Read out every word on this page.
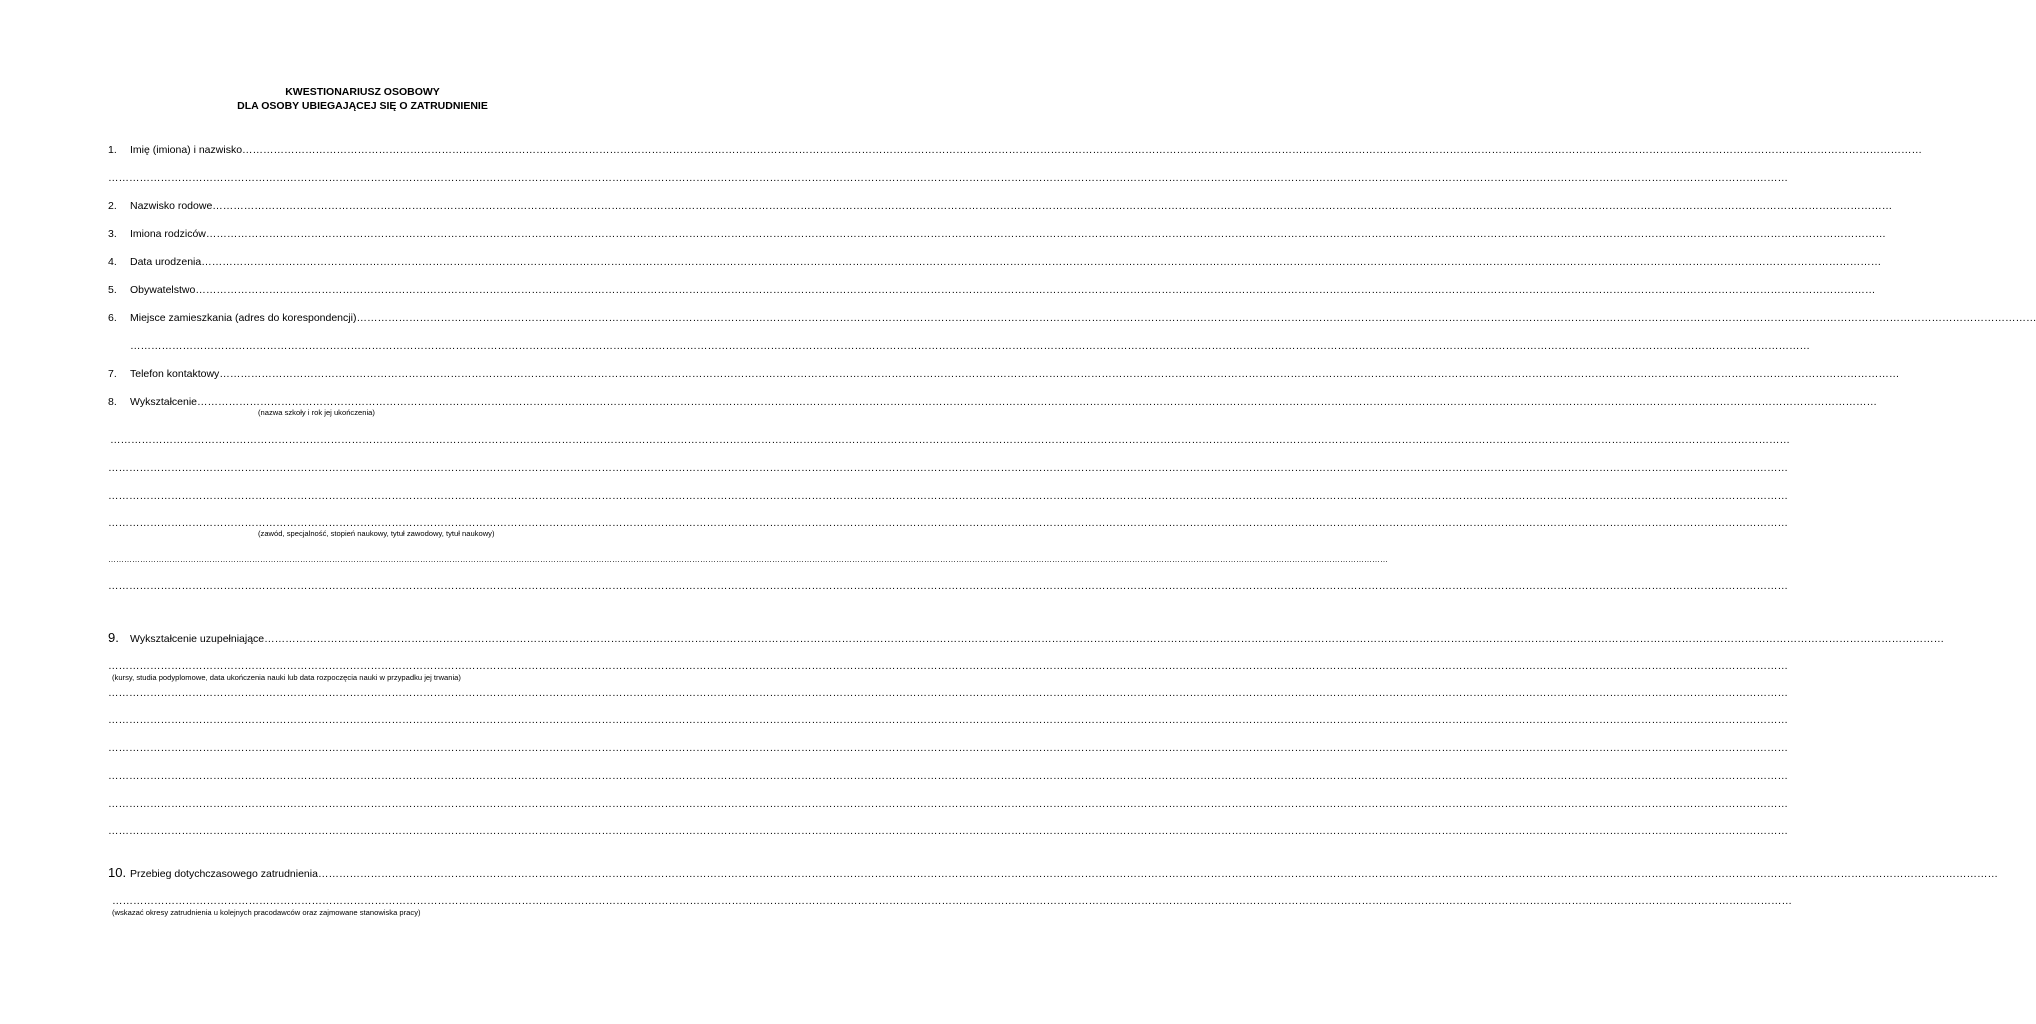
KWESTIONARIUSZ OSOBOWY
DLA OSOBY UBIEGAJĄCEJ SIĘ O ZATRUDNIENIE
1. Imię (imiona) i nazwisko…………………………………………………………………………………………………………………………………………………………………………………………………………………………………………………………………………………………………………………………………………………………………………………………………………………………………………
…………………………………………………………………………………………………………………………………………………………………………………………………………………………………………………………………………………………………………………………………………………………………………………………………………………………………………
2. Nazwisko rodowe…………………………………………………………………………………………………………………………………………………………………………………………………………………………………………………………………………………………………………………………………………………………………………………………………………………………………………
3. Imiona rodziców…………………………………………………………………………………………………………………………………………………………………………………………………………………………………………………………………………………………………………………………………………………………………………………………………………………………………………
4. Data urodzenia…………………………………………………………………………………………………………………………………………………………………………………………………………………………………………………………………………………………………………………………………………………………………………………………………………………………………………
5. Obywatelstwo…………………………………………………………………………………………………………………………………………………………………………………………………………………………………………………………………………………………………………………………………………………………………………………………………………………………………………
6. Miejsce zamieszkania (adres do korespondencji)…………………………………………………………………………………………………………………………………………………………………………………………………………………………………………………………………………………………………………………………………………………………………………………………………………………………………………
…………………………………………………………………………………………………………………………………………………………………………………………………………………………………………………………………………………………………………………………………………………………………………………………………………………………………………
7. Telefon kontaktowy…………………………………………………………………………………………………………………………………………………………………………………………………………………………………………………………………………………………………………………………………………………………………………………………………………………………………………
8. Wykształcenie…………………………………………………………………………………………………………………………………………………………………………………………………………………………………………………………………………………………………………………………………………………………………………………………………………………………………………
(nazwa szkoły i rok jej ukończenia)
…………………………………………………………………………………………………………………………………………………………………………………………………………………………………………………………………………………………………………………………………………………………………………………………………………………………………………
…………………………………………………………………………………………………………………………………………………………………………………………………………………………………………………………………………………………………………………………………………………………………………………………………………………………………………
…………………………………………………………………………………………………………………………………………………………………………………………………………………………………………………………………………………………………………………………………………………………………………………………………………………………………………
…………………………………………………………………………………………………………………………………………………………………………………………………………………………………………………………………………………………………………………………………………………………………………………………………………………………………………
(zawód, specjalność, stopień naukowy, tytuł zawodowy, tytuł naukowy)
…………………………………………………………………………………………………………………………………………………………………………………………………………………………………………………………………………………………………………………………………………………………………………………………………………………………………………
…………………………………………………………………………………………………………………………………………………………………………………………………………………………………………………………………………………………………………………………………………………………………………………………………………………………………………
9. Wykształcenie uzupełniające…………………………………………………………………………………………………………………………………………………………………………………………………………………………………………………………………………………………………………………………………………………………………………………………………………………………………………
…………………………………………………………………………………………………………………………………………………………………………………………………………………………………………………………………………………………………………………………………………………………………………………………………………………………………………
(kursy, studia podyplomowe, data ukończenia nauki lub data rozpoczęcia nauki w przypadku jej trwania)
…………………………………………………………………………………………………………………………………………………………………………………………………………………………………………………………………………………………………………………………………………………………………………………………………………………………………………
…………………………………………………………………………………………………………………………………………………………………………………………………………………………………………………………………………………………………………………………………………………………………………………………………………………………………………
…………………………………………………………………………………………………………………………………………………………………………………………………………………………………………………………………………………………………………………………………………………………………………………………………………………………………………
…………………………………………………………………………………………………………………………………………………………………………………………………………………………………………………………………………………………………………………………………………………………………………………………………………………………………………
…………………………………………………………………………………………………………………………………………………………………………………………………………………………………………………………………………………………………………………………………………………………………………………………………………………………………………
…………………………………………………………………………………………………………………………………………………………………………………………………………………………………………………………………………………………………………………………………………………………………………………………………………………………………………
10. Przebieg dotychczasowego zatrudnienia…………………………………………………………………………………………………………………………………………………………………………………………………………………………………………………………………………………………………………………………………………………………………………………………………………………………………………
…………………………………………………………………………………………………………………………………………………………………………………………………………………………………………………………………………………………………………………………………………………………………………………………………………………………………………
(wskazać okresy zatrudnienia u kolejnych pracodawców oraz zajmowane stanowiska pracy)
